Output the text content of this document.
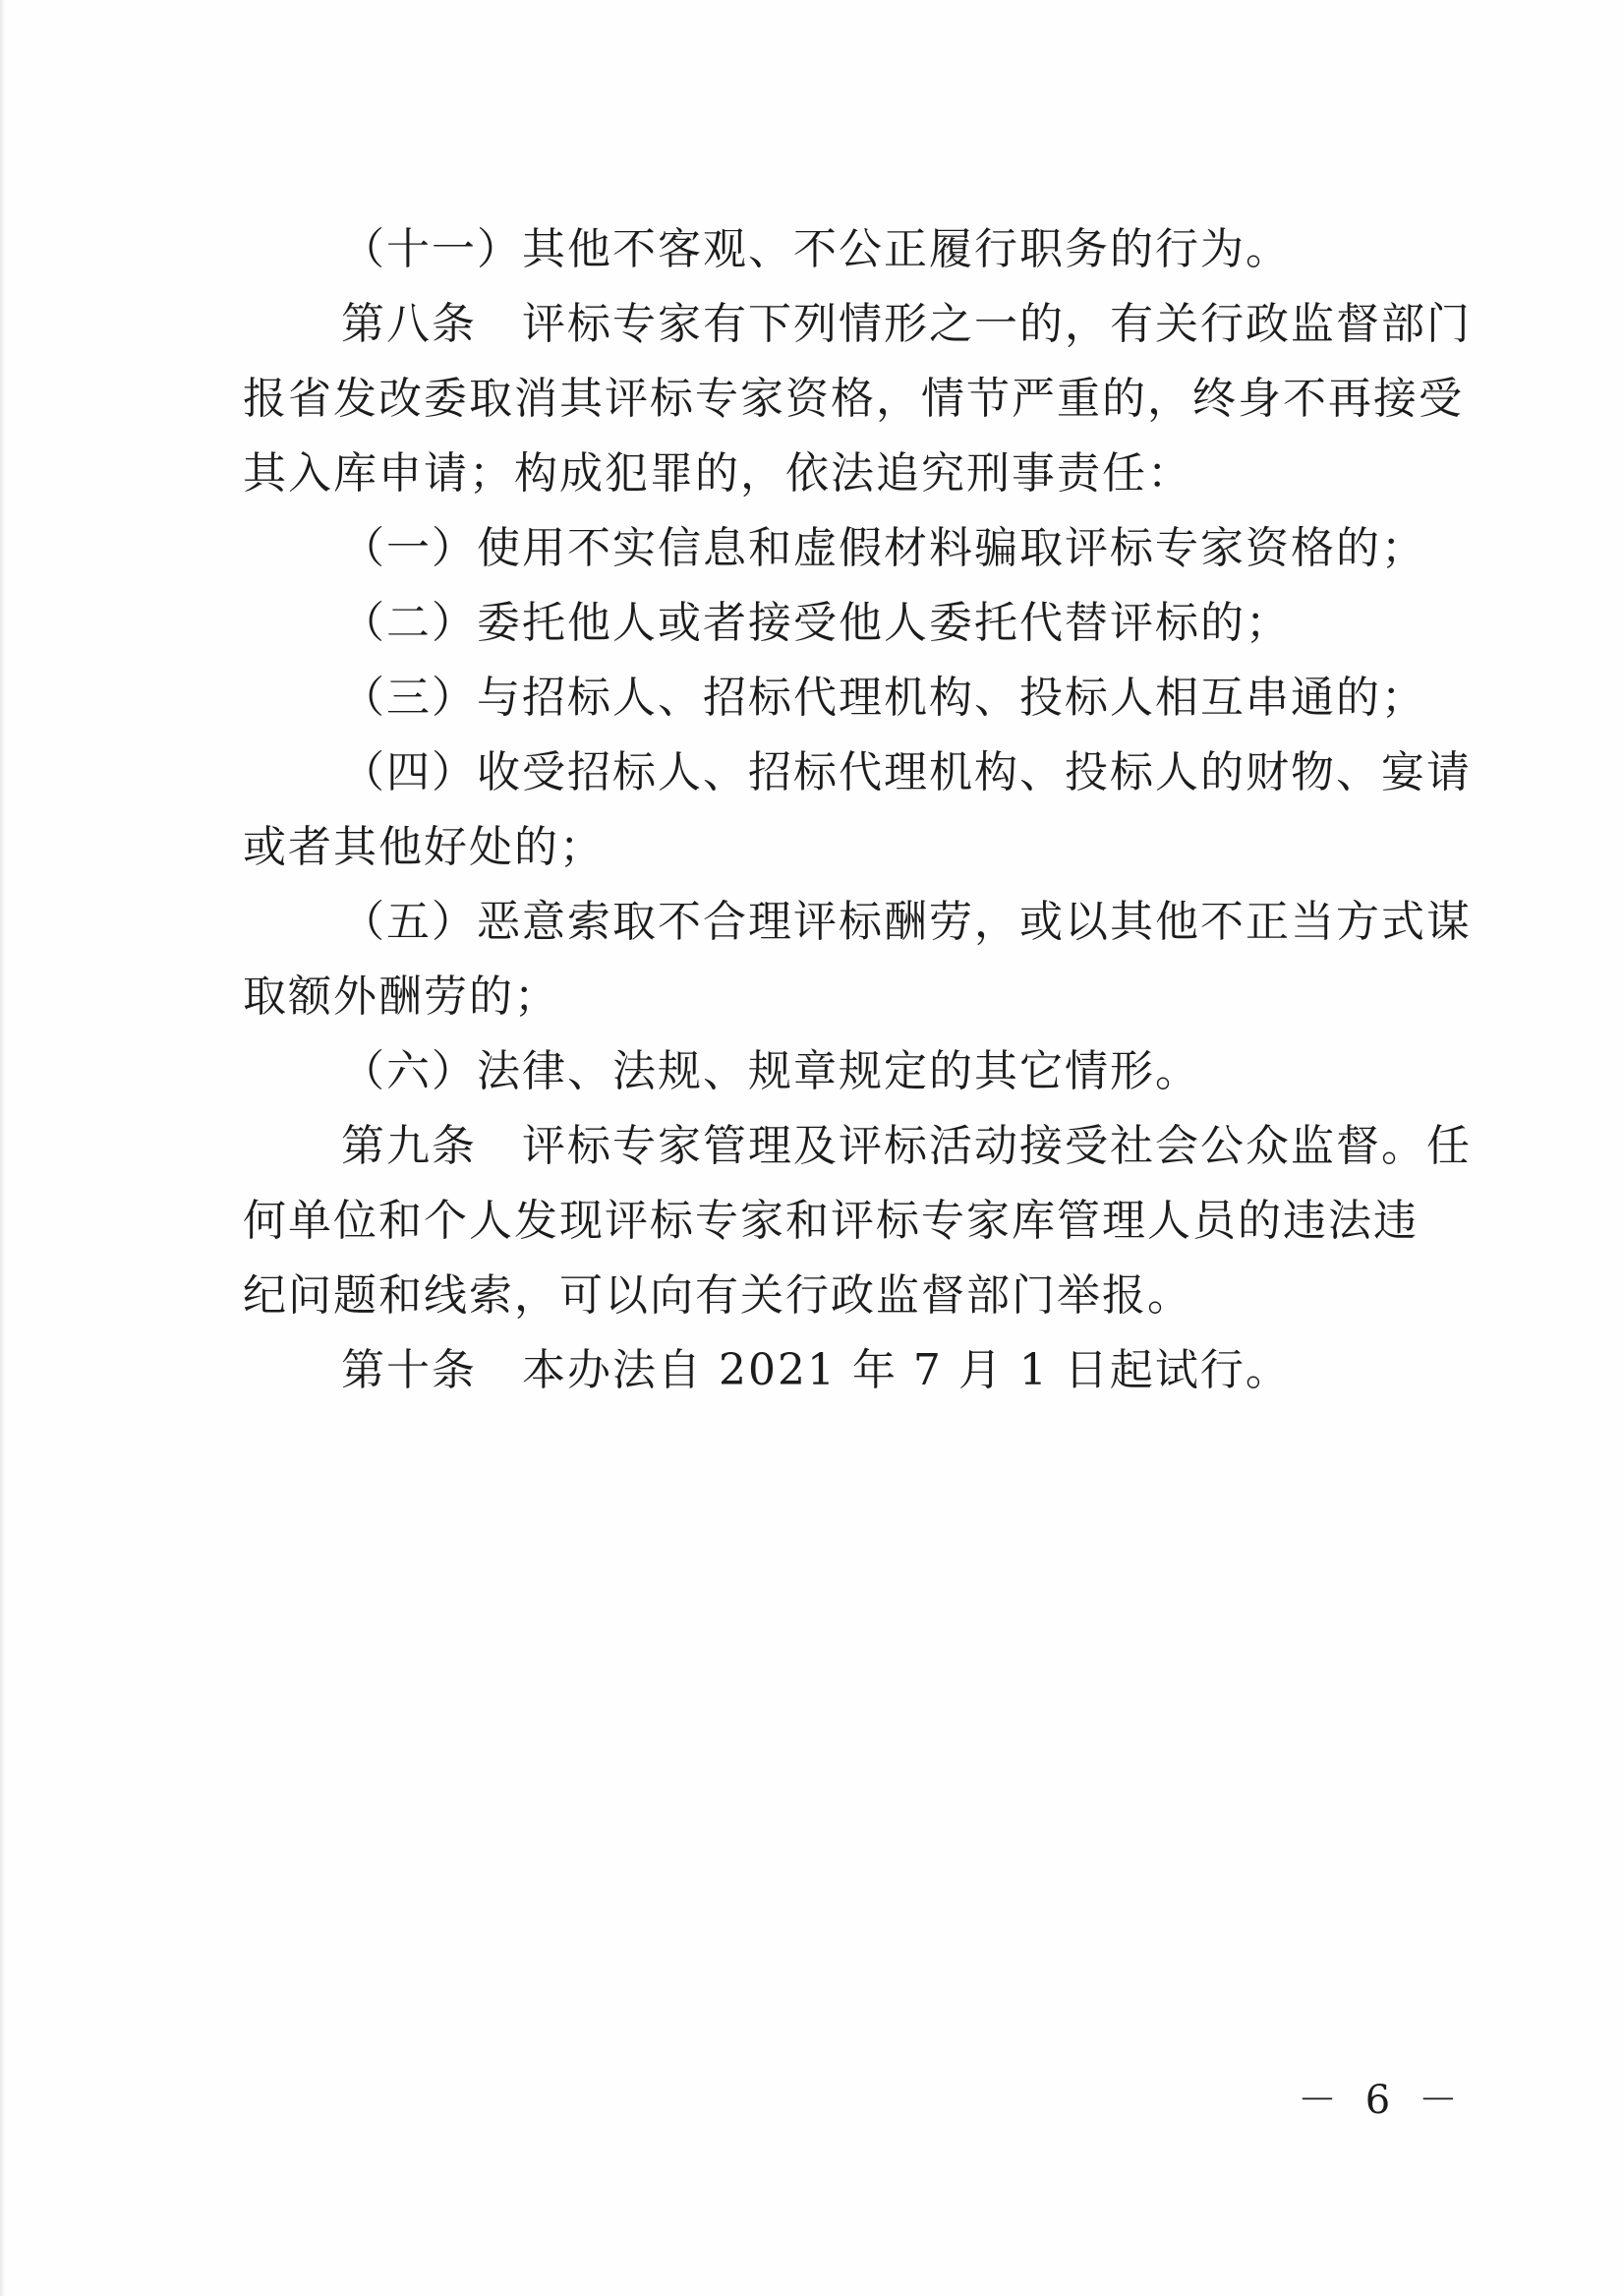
（十一）其他不客观、不公正履行职务的行为。

第八条　评标专家有下列情形之一的，有关行政监督部门

报省发改委取消其评标专家资格，情节严重的，终身不再接受

其入库申请；构成犯罪的，依法追究刑事责任：

（一）使用不实信息和虚假材料骗取评标专家资格的；

（二）委托他人或者接受他人委托代替评标的；

（三）与招标人、招标代理机构、投标人相互串通的；

（四）收受招标人、招标代理机构、投标人的财物、宴请

或者其他好处的；

（五）恶意索取不合理评标酬劳，或以其他不正当方式谋

取额外酬劳的；

（六）法律、法规、规章规定的其它情形。

第九条　评标专家管理及评标活动接受社会公众监督。任

何单位和个人发现评标专家和评标专家库管理人员的违法违

纪问题和线索，可以向有关行政监督部门举报。

第十条　本办法自 2021 年 7 月 1 日起试行。

－ 6 －
